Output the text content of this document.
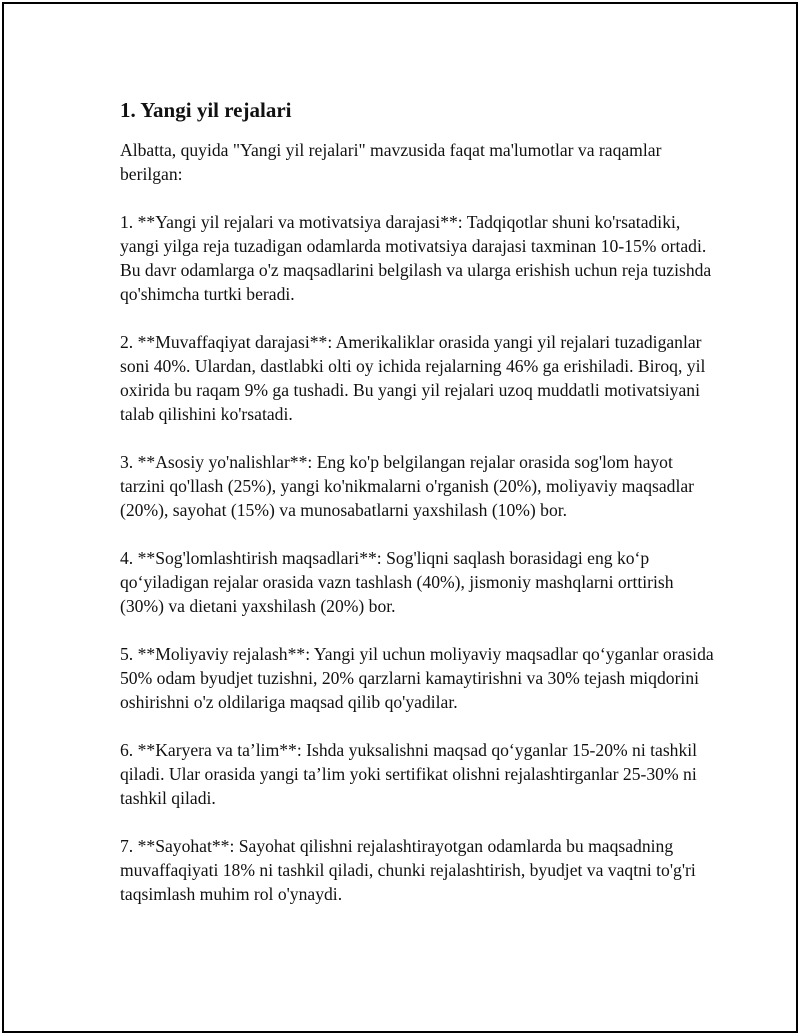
1. Yangi yil rejalari

Albatta, quyida "Yangi yil rejalari" mavzusida faqat ma'lumotlar va raqamlar berilgan:

1. **Yangi yil rejalari va motivatsiya darajasi**: Tadqiqotlar shuni ko'rsatadiki, yangi yilga reja tuzadigan odamlarda motivatsiya darajasi taxminan 10-15% ortadi. Bu davr odamlarga o'z maqsadlarini belgilash va ularga erishish uchun reja tuzishda qo'shimcha turtki beradi.

2. **Muvaffaqiyat darajasi**: Amerikaliklar orasida yangi yil rejalari tuzadiganlar soni 40%. Ulardan, dastlabki olti oy ichida rejalarning 46% ga erishiladi. Biroq, yil oxirida bu raqam 9% ga tushadi. Bu yangi yil rejalari uzoq muddatli motivatsiyani talab qilishini ko'rsatadi.

3. **Asosiy yo'nalishlar**: Eng ko'p belgilangan rejalar orasida sog'lom hayot tarzini qo'llash (25%), yangi ko'nikmalarni o'rganish (20%), moliyaviy maqsadlar (20%), sayohat (15%) va munosabatlarni yaxshilash (10%) bor.

4. **Sog'lomlashtirish maqsadlari**: Sog'liqni saqlash borasidagi eng ko‘p qo‘yiladigan rejalar orasida vazn tashlash (40%), jismoniy mashqlarni orttirish (30%) va dietani yaxshilash (20%) bor.

5. **Moliyaviy rejalash**: Yangi yil uchun moliyaviy maqsadlar qo‘yganlar orasida 50% odam byudjet tuzishni, 20% qarzlarni kamaytirishni va 30% tejash miqdorini oshirishni o'z oldilariga maqsad qilib qo'yadilar.

6. **Karyera va ta’lim**: Ishda yuksalishni maqsad qo‘yganlar 15-20% ni tashkil qiladi. Ular orasida yangi ta’lim yoki sertifikat olishni rejalashtirganlar 25-30% ni tashkil qiladi.

7. **Sayohat**: Sayohat qilishni rejalashtirayotgan odamlarda bu maqsadning muvaffaqiyati 18% ni tashkil qiladi, chunki rejalashtirish, byudjet va vaqtni to'g'ri taqsimlash muhim rol o'ynaydi.
